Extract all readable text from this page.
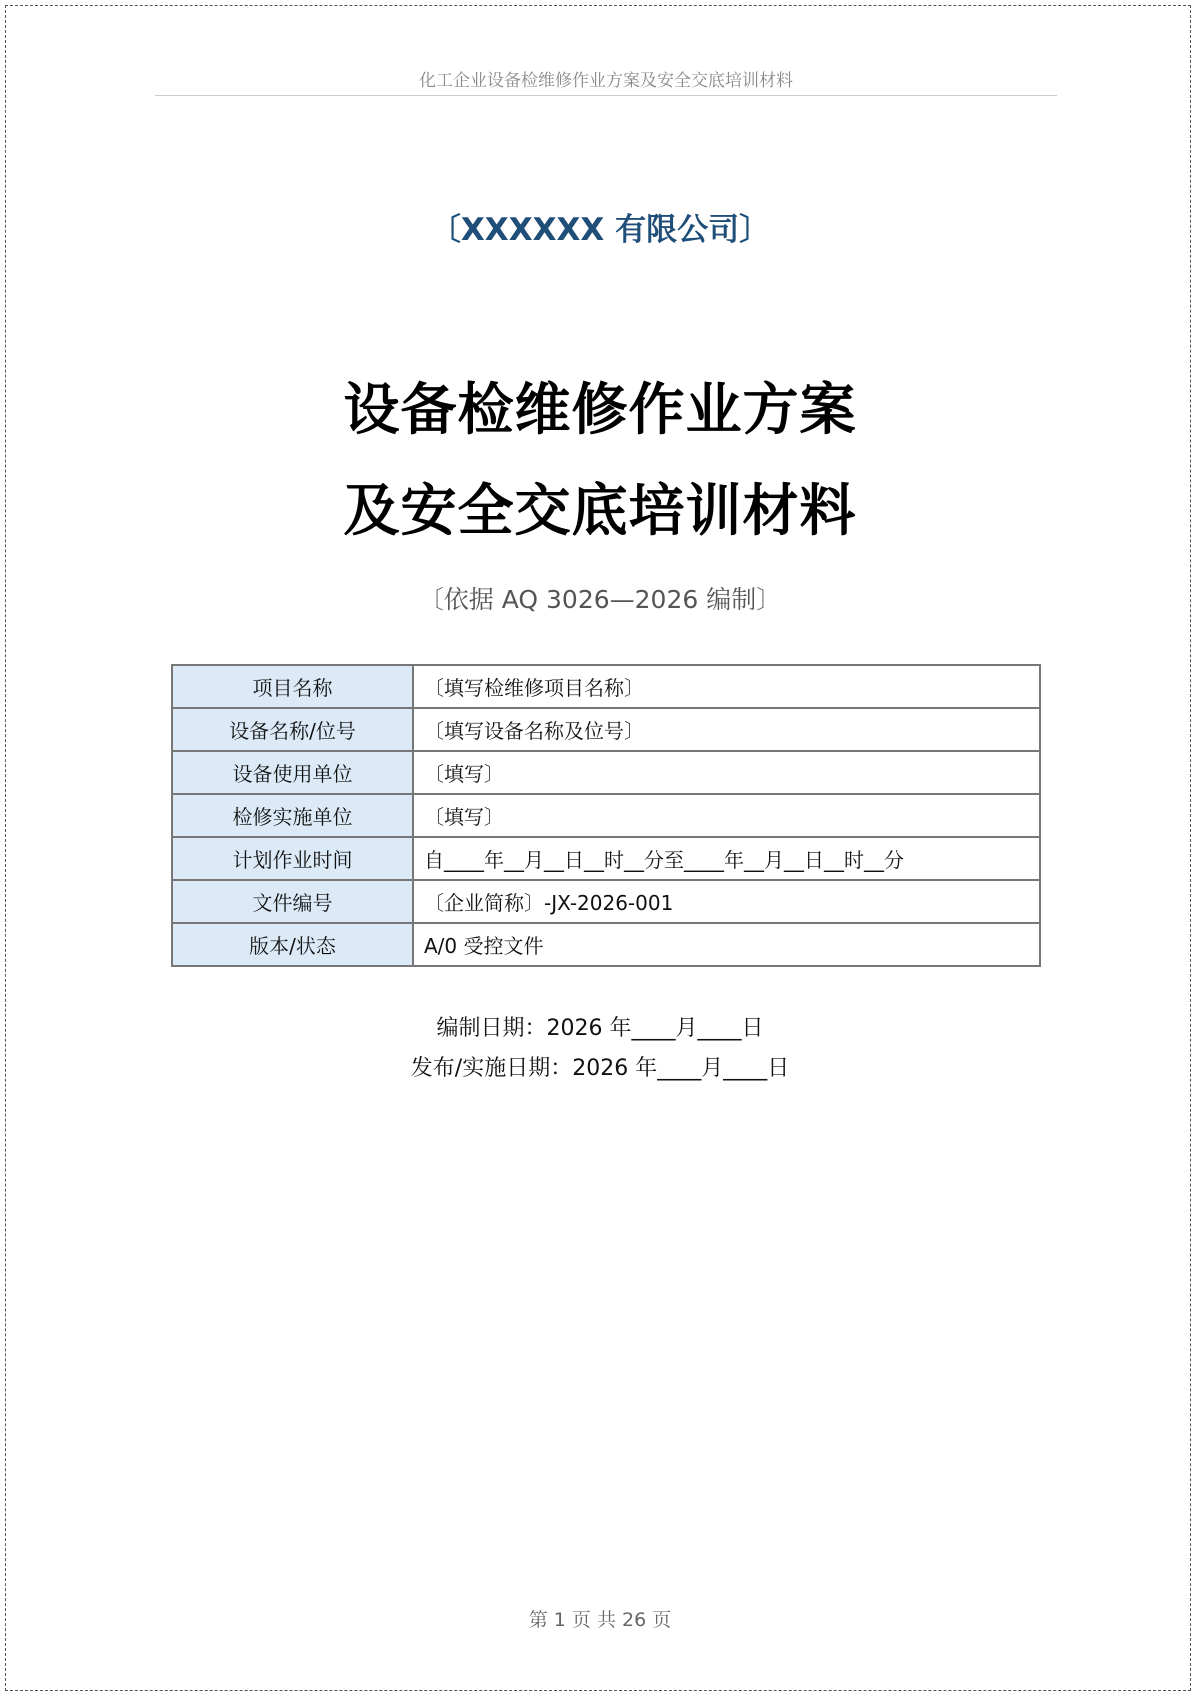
化工企业设备检维修作业方案及安全交底培训材料
〔XXXXXX 有限公司〕
设备检维修作业方案
及安全交底培训材料
〔依据 AQ 3026—2026 编制〕
项目名称	〔填写检维修项目名称〕
设备名称/位号	〔填写设备名称及位号〕
设备使用单位	〔填写〕
检修实施单位	〔填写〕
计划作业时间	自____年__月__日__时__分至____年__月__日__时__分
文件编号	〔企业简称〕-JX-2026-001
版本/状态	A/0 受控文件
编制日期：2026 年____月____日
发布/实施日期：2026 年____月____日
第 1 页 共 26 页
